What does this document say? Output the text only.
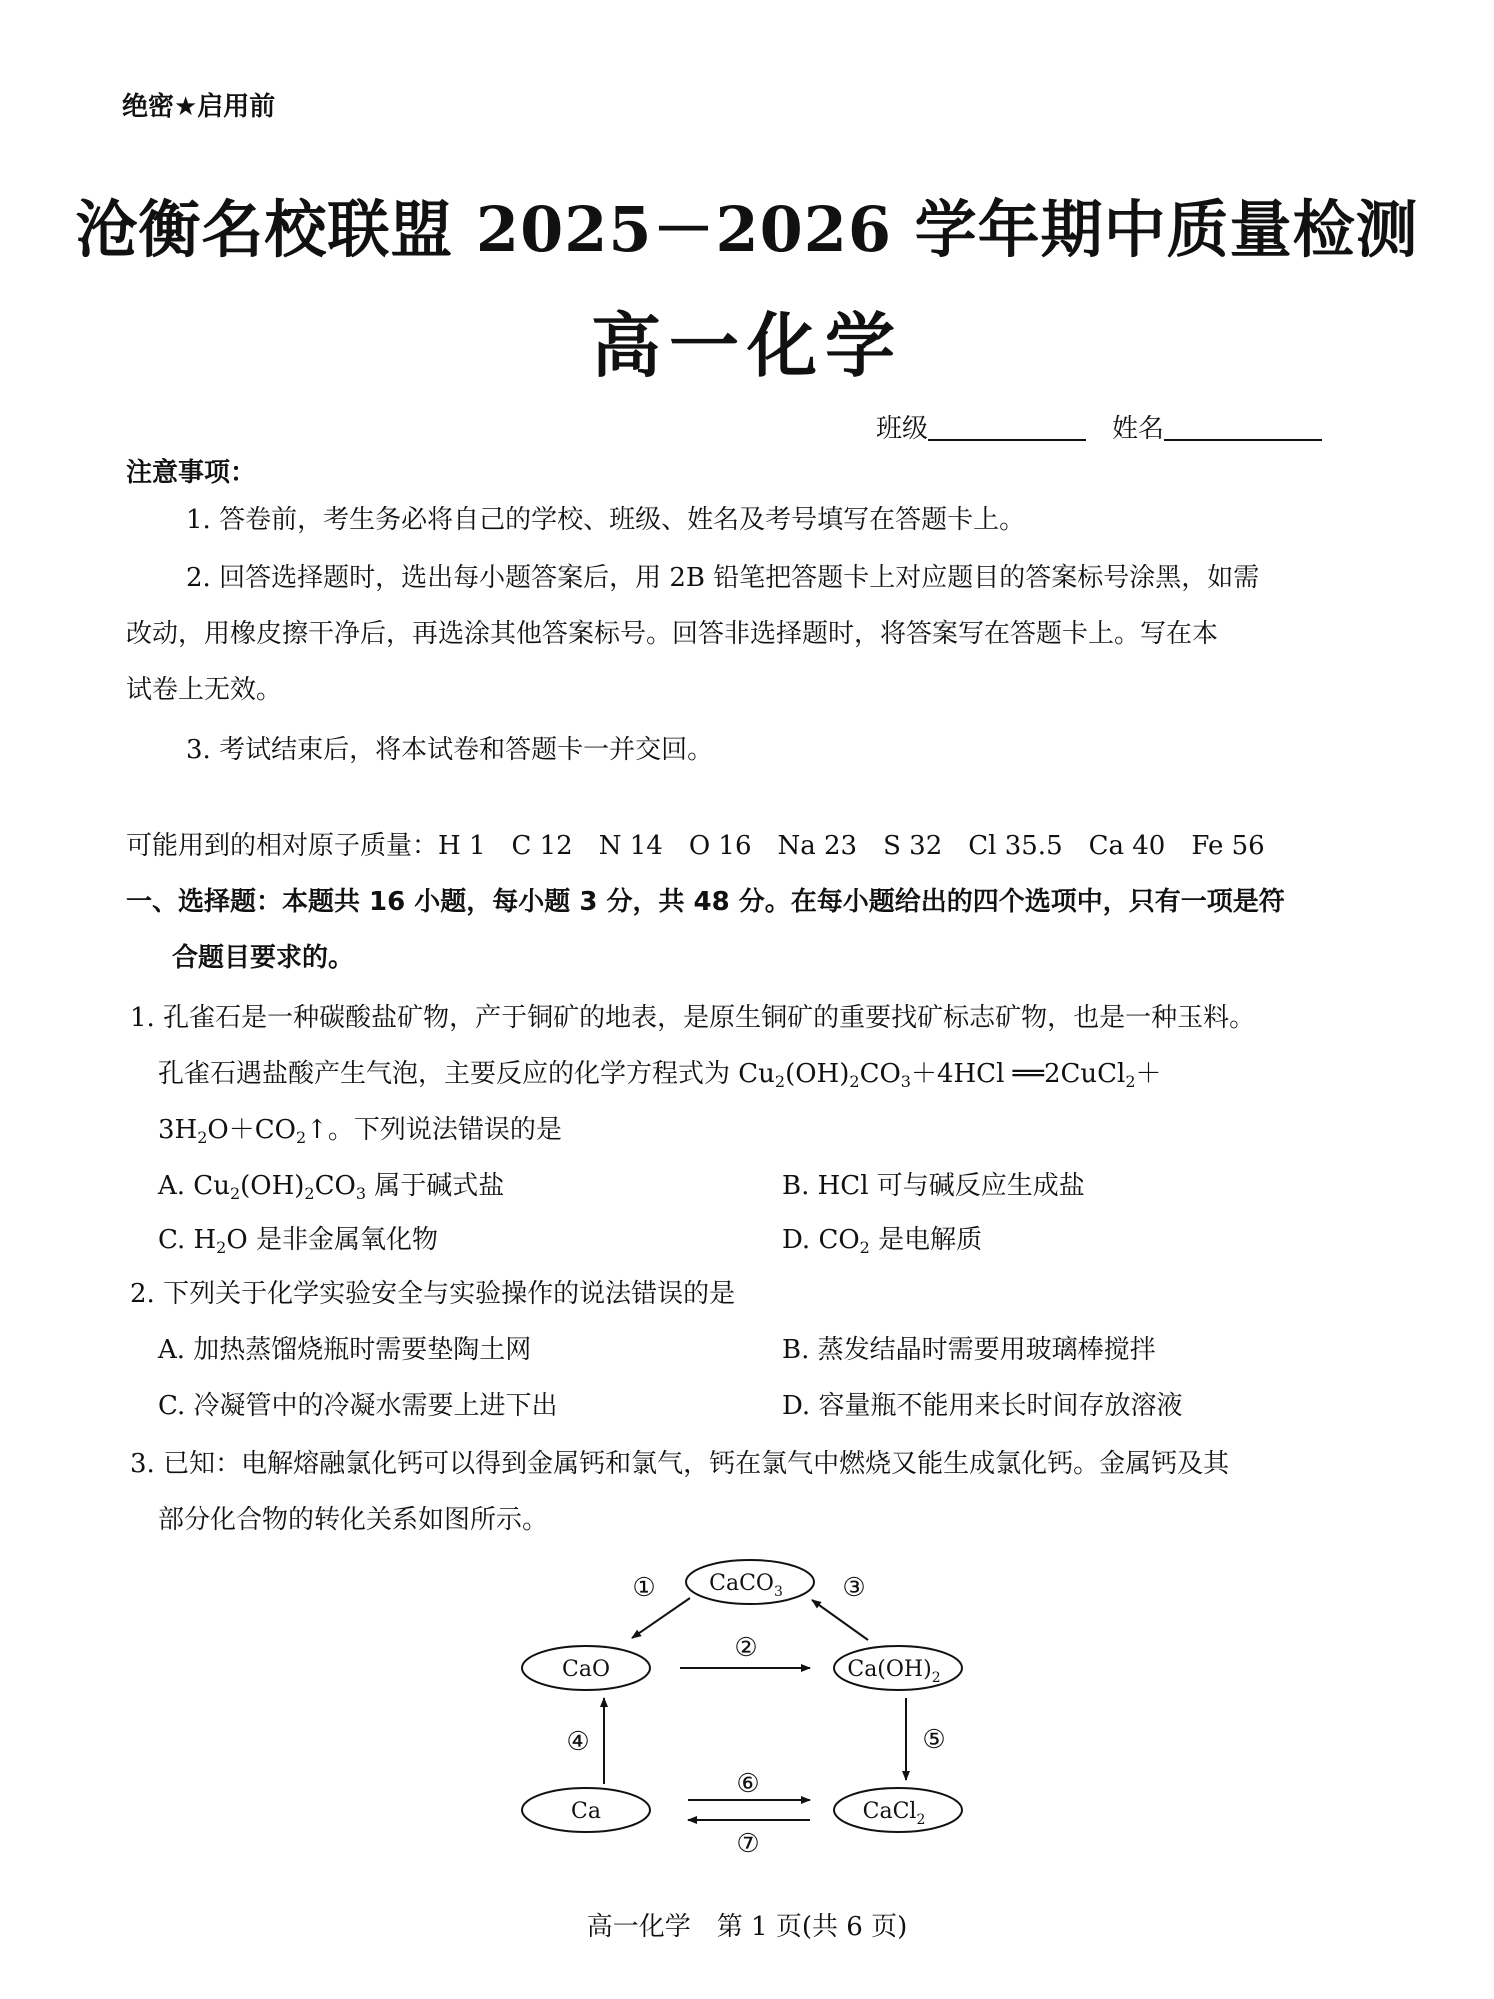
绝密★启用前
沧衡名校联盟 2025－2026 学年期中质量检测
高一化学
班级	姓名
注意事项：
1. 答卷前，考生务必将自己的学校、班级、姓名及考号填写在答题卡上。
2. 回答选择题时，选出每小题答案后，用 2B 铅笔把答题卡上对应题目的答案标号涂黑，如需
改动，用橡皮擦干净后，再选涂其他答案标号。回答非选择题时，将答案写在答题卡上。写在本
试卷上无效。
3. 考试结束后，将本试卷和答题卡一并交回。
可能用到的相对原子质量：H 1　C 12　N 14　O 16　Na 23　S 32　Cl 35.5　Ca 40　Fe 56
一、选择题：本题共 16 小题，每小题 3 分，共 48 分。在每小题给出的四个选项中，只有一项是符
合题目要求的。
1. 孔雀石是一种碳酸盐矿物，产于铜矿的地表，是原生铜矿的重要找矿标志矿物，也是一种玉料。
孔雀石遇盐酸产生气泡，主要反应的化学方程式为 $Cu_2(OH)_2CO_3+4HCl$ ══2CuCl$_2$＋
$3H_2O+CO_2↑$。下列说法错误的是
A. $Cu_2(OH)_2CO_3$ 属于碱式盐	B. HCl 可与碱反应生成盐
C. $H_2O$ 是非金属氧化物	D. $CO_2$ 是电解质
2. 下列关于化学实验安全与实验操作的说法错误的是
A. 加热蒸馏烧瓶时需要垫陶土网	B. 蒸发结晶时需要用玻璃棒搅拌
C. 冷凝管中的冷凝水需要上进下出	D. 容量瓶不能用来长时间存放溶液
3. 已知：电解熔融氯化钙可以得到金属钙和氯气，钙在氯气中燃烧又能生成氯化钙。金属钙及其
部分化合物的转化关系如图所示。
CaCO$_3$
CaO	$Ca(OH)_2$
Ca	CaCl$_2$
①
②
③
④	⑤
⑥
⑦
高一化学　第 1 页(共 6 页)
